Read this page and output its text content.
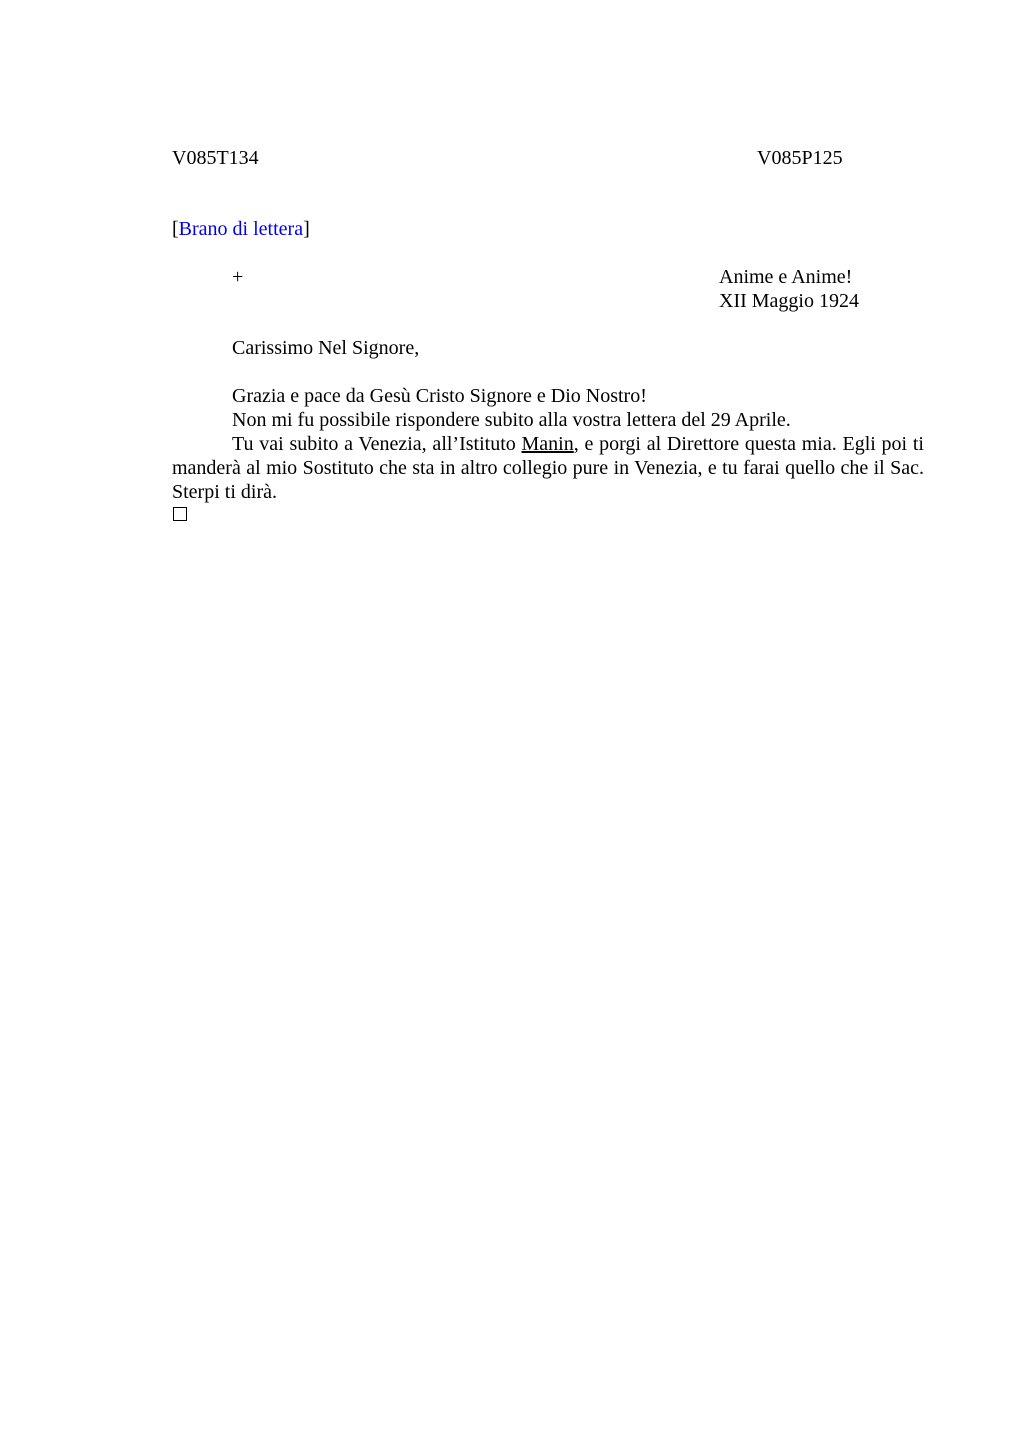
V085T134	V085P125
[Brano di lettera]
+	Anime e Anime!
XII Maggio 1924
Carissimo Nel Signore,

Grazia e pace da Gesù Cristo Signore e Dio Nostro!

Non mi fu possibile rispondere subito alla vostra lettera del 29 Aprile.

Tu vai subito a Venezia, all’Istituto Manin, e porgi al Direttore questa mia. Egli poi ti manderà al mio Sostituto che sta in altro collegio pure in Venezia, e tu farai quello che il Sac. Sterpi ti dirà.
